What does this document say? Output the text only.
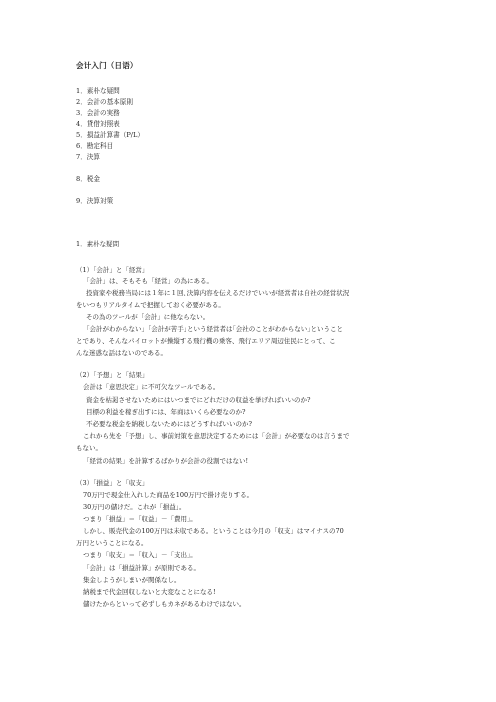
会计入门（日语）
1．素朴な疑問
2．会計の基本原則
3．会計の実務
4．貸借対照表
5．損益計算書（P/L）
6．勘定科目
7．決算
8．税金
9．決算対策
1．素朴な疑問
（1）「会計」と「経営」
「会計」は、そもそも「経営」の為にある。
投資家や税務当局には１年に１回､決算内容を伝えるだけでいいが経営者は自社の経営状況
をいつもリアルタイムで把握しておく必要がある。
その為のツールが「会計」に他ならない。
「会計がわからない」｢会計が苦手｣という経営者は｢会社のことがわからない｣ということ
とであり、そんなパイロットが操縦する飛行機の乗客、飛行エリア周辺住民にとって、こ
んな迷惑な話はないのである。
（2）「予想」と「結果」
会計は「意思決定」に不可欠なツールである。
資金を枯渇させないためにはいつまでにどれだけの収益を挙げればいいのか?
目標の利益を稼ぎ出すには、年商はいくら必要なのか?
不必要な税金を納税しないためにはどうすればいいのか?
これから先を「予想」し、事前対策を意思決定するためには「会計」が必要なのは言うまで
もない。
「経営の結果」を計算するばかりが会計の役割ではない!
（3）「損益」と「収支」
70万円で現金仕入れした商品を100万円で掛け売りする。
30万円の儲けだ。これが「損益」。
つまり「損益」＝「収益」－「費用」。
しかし、販売代金の100万円は未収である。ということは今月の「収支」はマイナスの70
万円ということになる。
つまり「収支」＝「収入」－「支出」。
「会計」は「損益計算」が原則である。
集金しようがしまいが関係なし。
納税まで代金回収しないと大変なことになる!
儲けたからといって必ずしもカネがあるわけではない。
